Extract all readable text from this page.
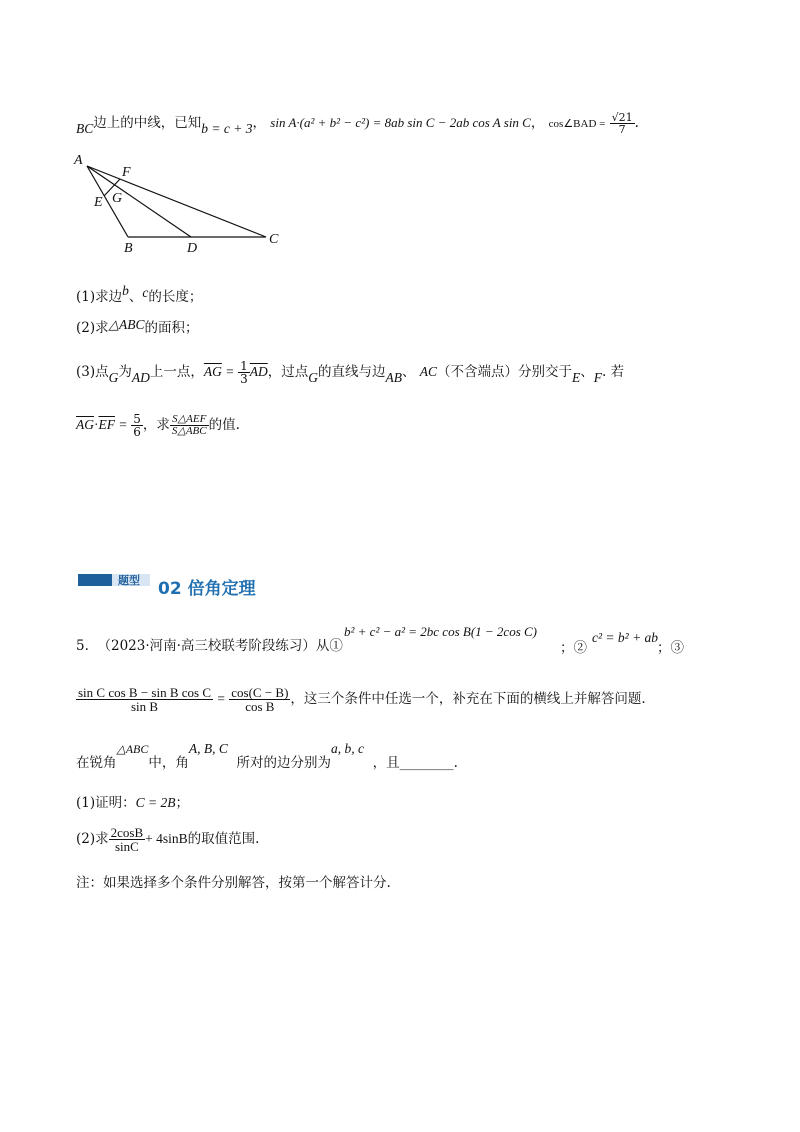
BC边上的中线，已知b = c + 3， sin A·(a² + b² − c²) = 8ab sin C − 2ab cos A sin C， cos∠BAD = $\frac{√21}{7}$ .
A
F
G
E
B	D
C
(1)求边b、c的长度；
(2)求△ABC的面积；
(3)点G为AD上一点，$\overline{AG} = \frac{1}{3} \overline{AD}$，过点G的直线与边AB、 AC（不含端点）分别交于E、F. 若
$\overline{AG}\cdot\overline{EF} = \frac{5}{6}$ ，求 $\frac{\text{S△AEF}}{\text{S△ABC}}$ 的值.
题型 02 倍角定理
5. （2023·河南·高三校联考阶段练习）从①
b² + c² − a² = 2bc cos B(1 − 2cos C)
；②
c² = b² + ab
；③
$\frac{\text{sin C cos B − sin B cos C}}{\text{sin B}} = \frac{\cos(C - B)}{\text{cos B}}$ ，这三个条件中任选一个，补充在下面的横线上并解答问题.
在锐角△ABC中，角A, B, C  所对的边分别为a, b, c  ，且________.
(1)证明：C = 2B；
(2)求 $\frac{2\cos B}{\sin C} + 4\sin B$的取值范围.
注：如果选择多个条件分别解答，按第一个解答计分.
